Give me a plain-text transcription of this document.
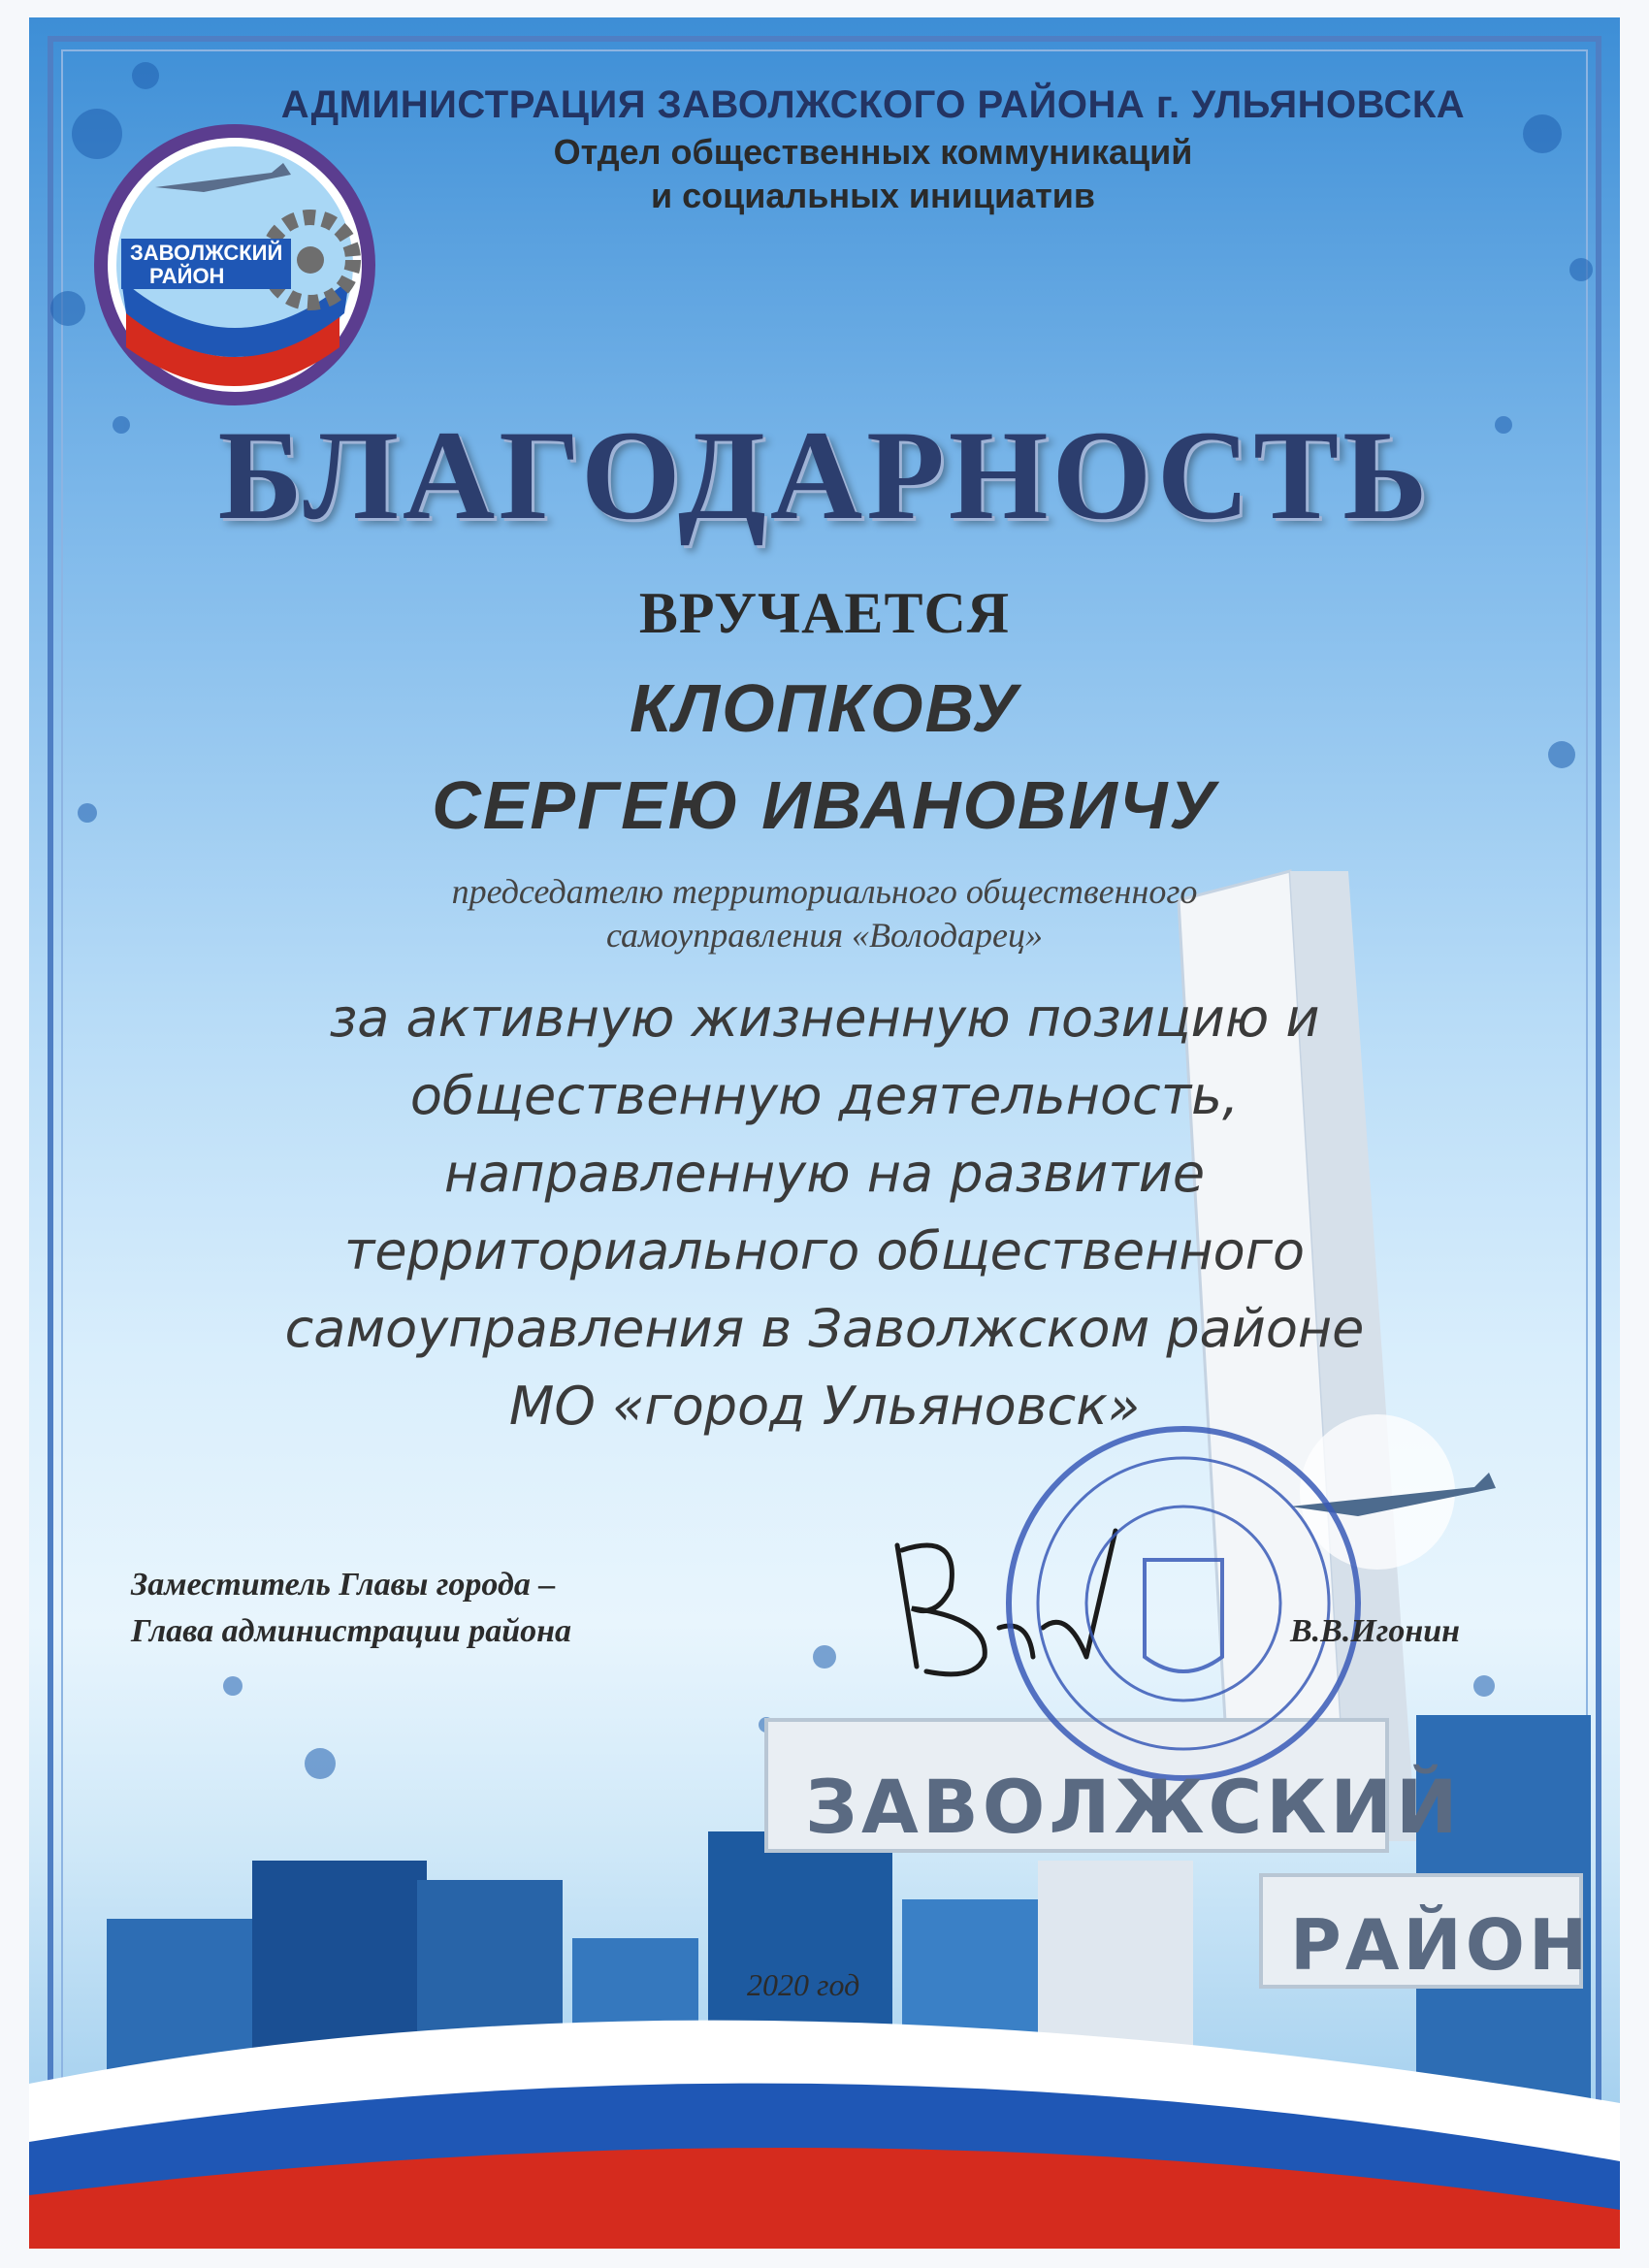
ЗАВОЛЖСКИЙ
РАЙОН
АДМИНИСТРАЦИЯ ЗАВОЛЖСКОГО РАЙОНА г. УЛЬЯНОВСКА
Отдел общественных коммуникаций
и социальных инициатив
БЛАГОДАРНОСТЬ
ВРУЧАЕТСЯ
КЛОПКОВУ
СЕРГЕЮ ИВАНОВИЧУ
председателю территориального общественного
самоуправления «Володарец»
за активную жизненную позицию и
общественную деятельность,
направленную на развитие
территориального общественного
самоуправления в Заволжском районе
МО «город Ульяновск»
Заместитель Главы города –
Глава администрации района	В.В.Игонин
ЗАВОЛЖСКИЙ
РАЙОН
2020 год
